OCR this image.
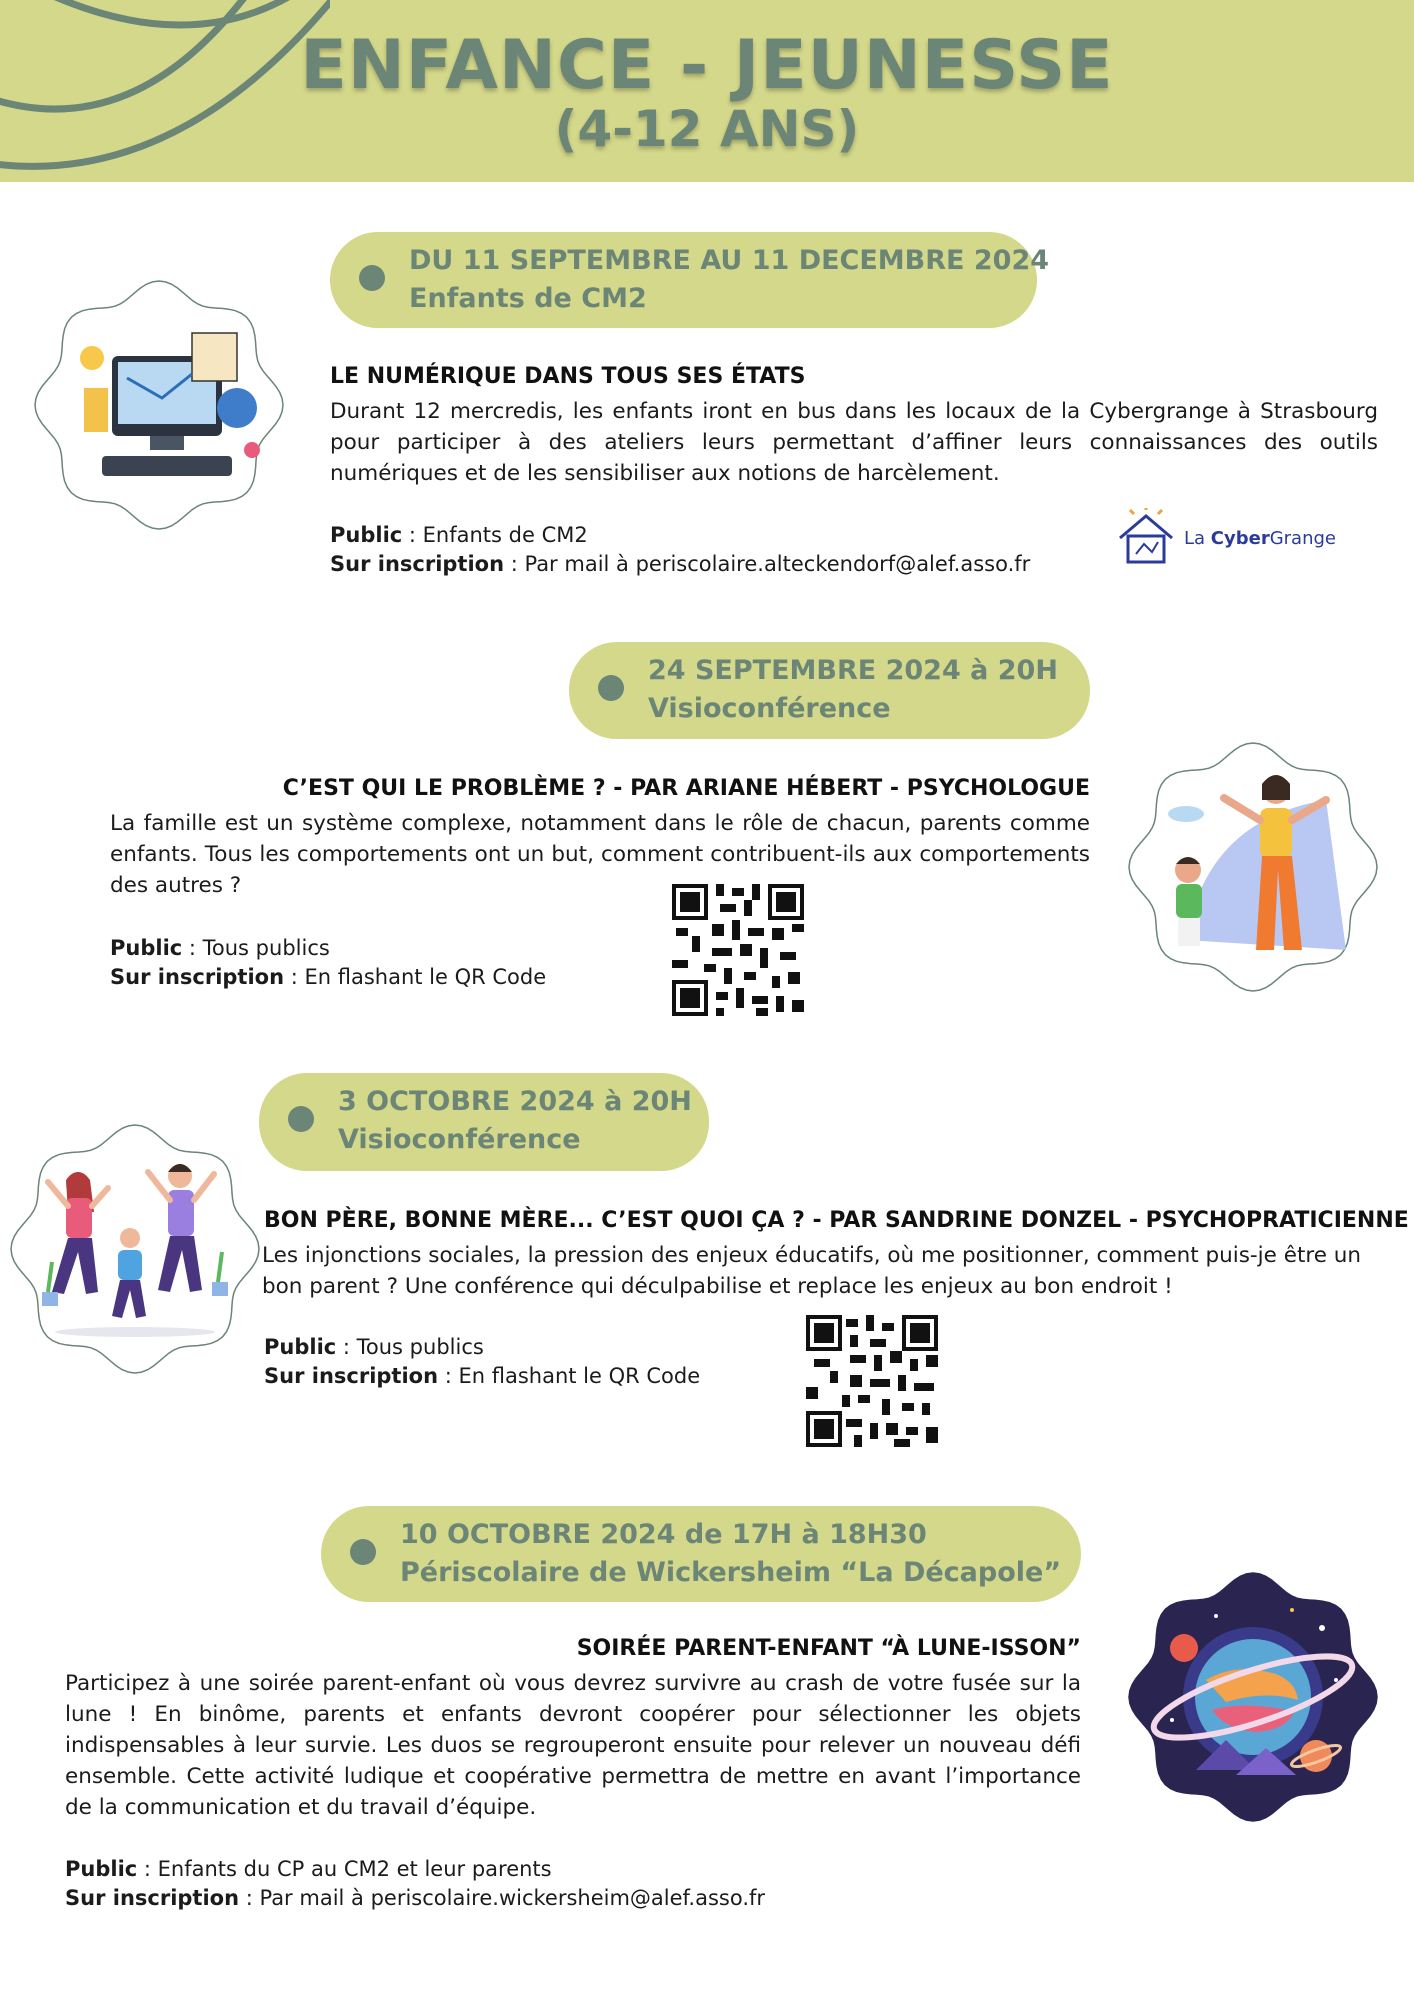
ENFANCE - JEUNESSE
(4-12 ANS)
DU 11 SEPTEMBRE AU 11 DECEMBRE 2024
Enfants de CM2
LE NUMÉRIQUE DANS TOUS SES ÉTATS
Durant 12 mercredis, les enfants iront en bus dans les locaux de la Cybergrange à Strasbourg pour participer à des ateliers leurs permettant d’affiner leurs connaissances des outils numériques et de les sensibiliser aux notions de harcèlement.
Public : Enfants de CM2
Sur inscription : Par mail à periscolaire.alteckendorf@alef.asso.fr
La CyberGrange
24 SEPTEMBRE 2024 à 20H
Visioconférence
C’EST QUI LE PROBLÈME ? - PAR ARIANE HÉBERT - PSYCHOLOGUE
La famille est un système complexe, notamment dans le rôle de chacun, parents comme enfants. Tous les comportements ont un but, comment contribuent-ils aux comportements des autres ?
Public : Tous publics
Sur inscription : En flashant le QR Code
3 OCTOBRE 2024 à 20H
Visioconférence
BON PÈRE, BONNE MÈRE... C’EST QUOI ÇA ? - PAR SANDRINE DONZEL - PSYCHOPRATICIENNE
Les injonctions sociales, la pression des enjeux éducatifs, où me positionner, comment puis-je être un bon parent ? Une conférence qui déculpabilise et replace les enjeux au bon endroit !
Public : Tous publics
Sur inscription : En flashant le QR Code
10 OCTOBRE 2024 de 17H à 18H30
Périscolaire de Wickersheim “La Décapole”
SOIRÉE PARENT-ENFANT “À LUNE-ISSON”
Participez à une soirée parent-enfant où vous devrez survivre au crash de votre fusée sur la lune ! En binôme, parents et enfants devront coopérer pour sélectionner les objets indispensables à leur survie. Les duos se regrouperont ensuite pour relever un nouveau défi ensemble. Cette activité ludique et coopérative permettra de mettre en avant l’importance de la communication et du travail d’équipe.
Public : Enfants du CP au CM2 et leur parents
Sur inscription : Par mail à periscolaire.wickersheim@alef.asso.fr
